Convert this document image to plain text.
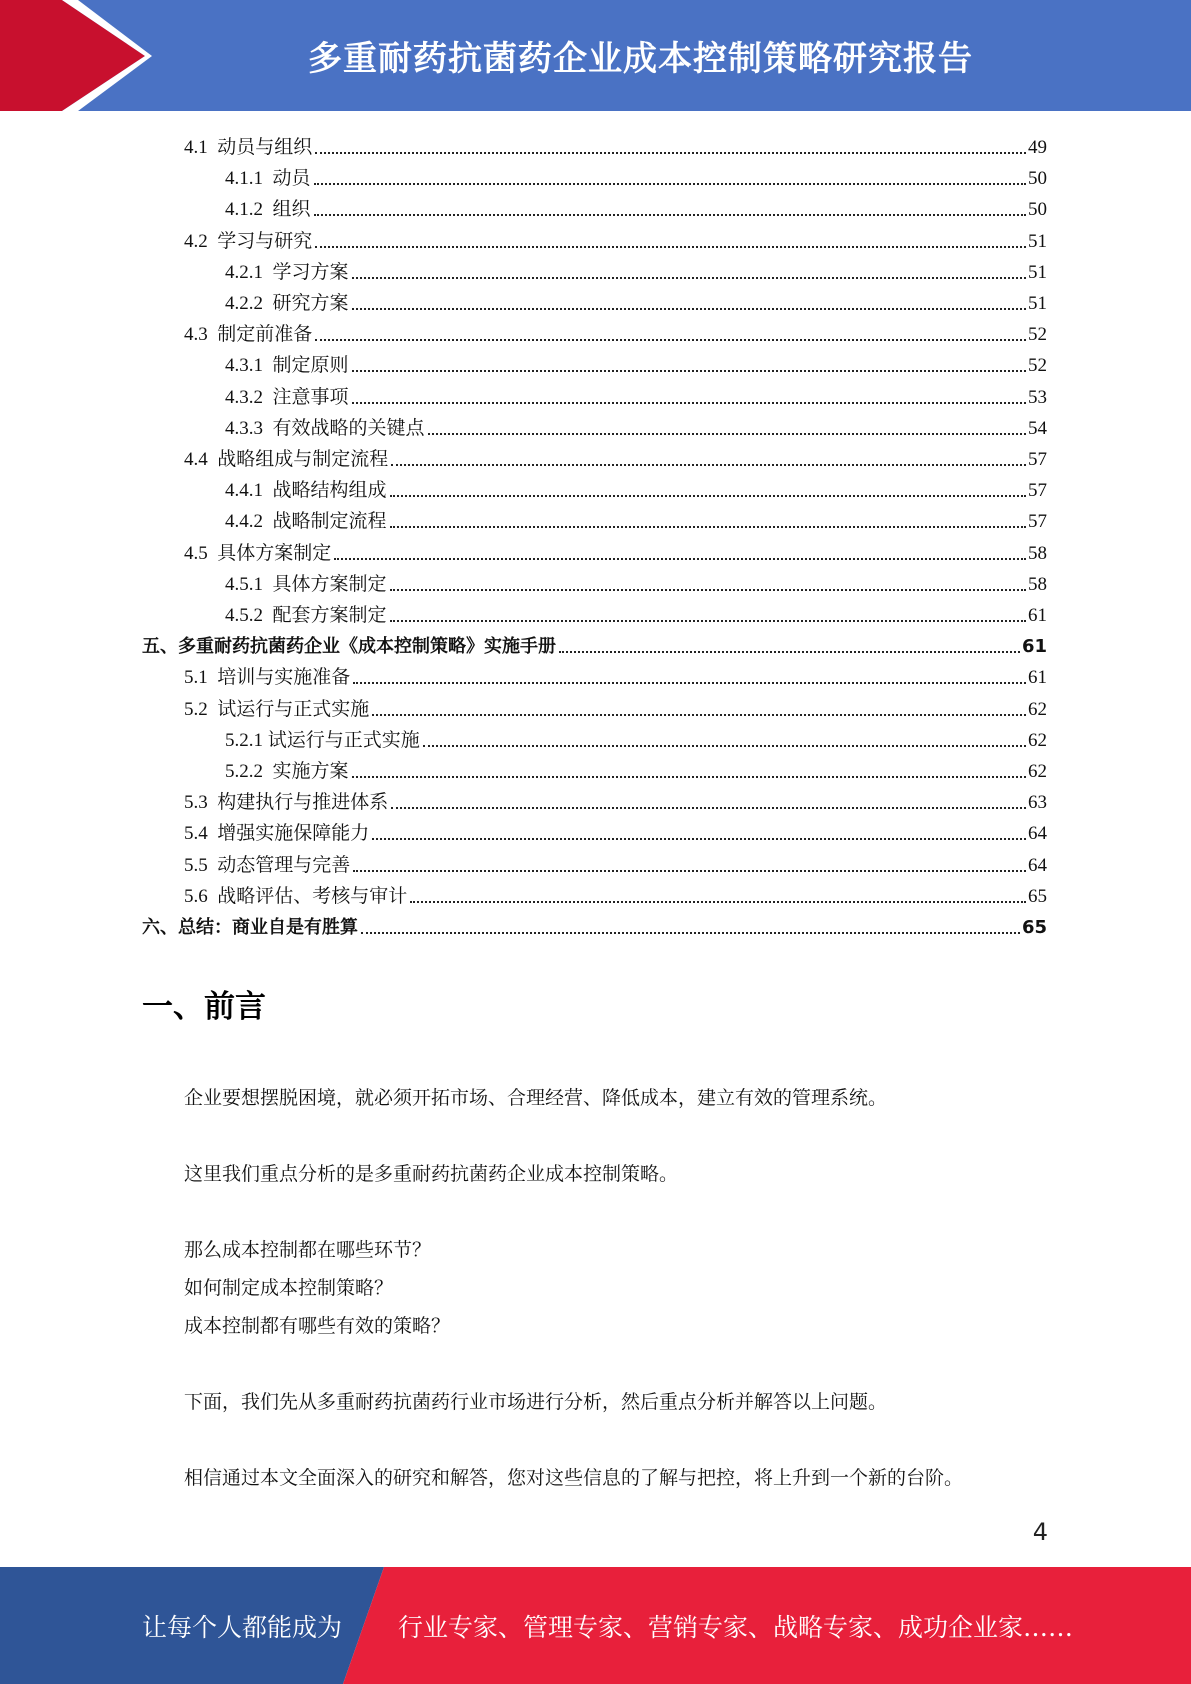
多重耐药抗菌药企业成本控制策略研究报告
4.1 动员与组织	49
4.1.1 动员	50
4.1.2 组织	50
4.2 学习与研究	51
4.2.1 学习方案	51
4.2.2 研究方案	51
4.3 制定前准备	52
4.3.1 制定原则	52
4.3.2 注意事项	53
4.3.3 有效战略的关键点	54
4.4 战略组成与制定流程	57
4.4.1 战略结构组成	57
4.4.2 战略制定流程	57
4.5 具体方案制定	58
4.5.1 具体方案制定	58
4.5.2 配套方案制定	61
五、多重耐药抗菌药企业《成本控制策略》实施手册	61
5.1 培训与实施准备	61
5.2 试运行与正式实施	62
5.2.1 试运行与正式实施	62
5.2.2 实施方案	62
5.3 构建执行与推进体系	63
5.4 增强实施保障能力	64
5.5 动态管理与完善	64
5.6 战略评估、考核与审计	65
六、总结：商业自是有胜算	65
一、前言
企业要想摆脱困境，就必须开拓市场、合理经营、降低成本，建立有效的管理系统。
这里我们重点分析的是多重耐药抗菌药企业成本控制策略。
那么成本控制都在哪些环节？
如何制定成本控制策略？
成本控制都有哪些有效的策略？
下面，我们先从多重耐药抗菌药行业市场进行分析，然后重点分析并解答以上问题。
相信通过本文全面深入的研究和解答，您对这些信息的了解与把控，将上升到一个新的台阶。
4
让每个人都能成为 行业专家、管理专家、营销专家、战略专家、成功企业家……
